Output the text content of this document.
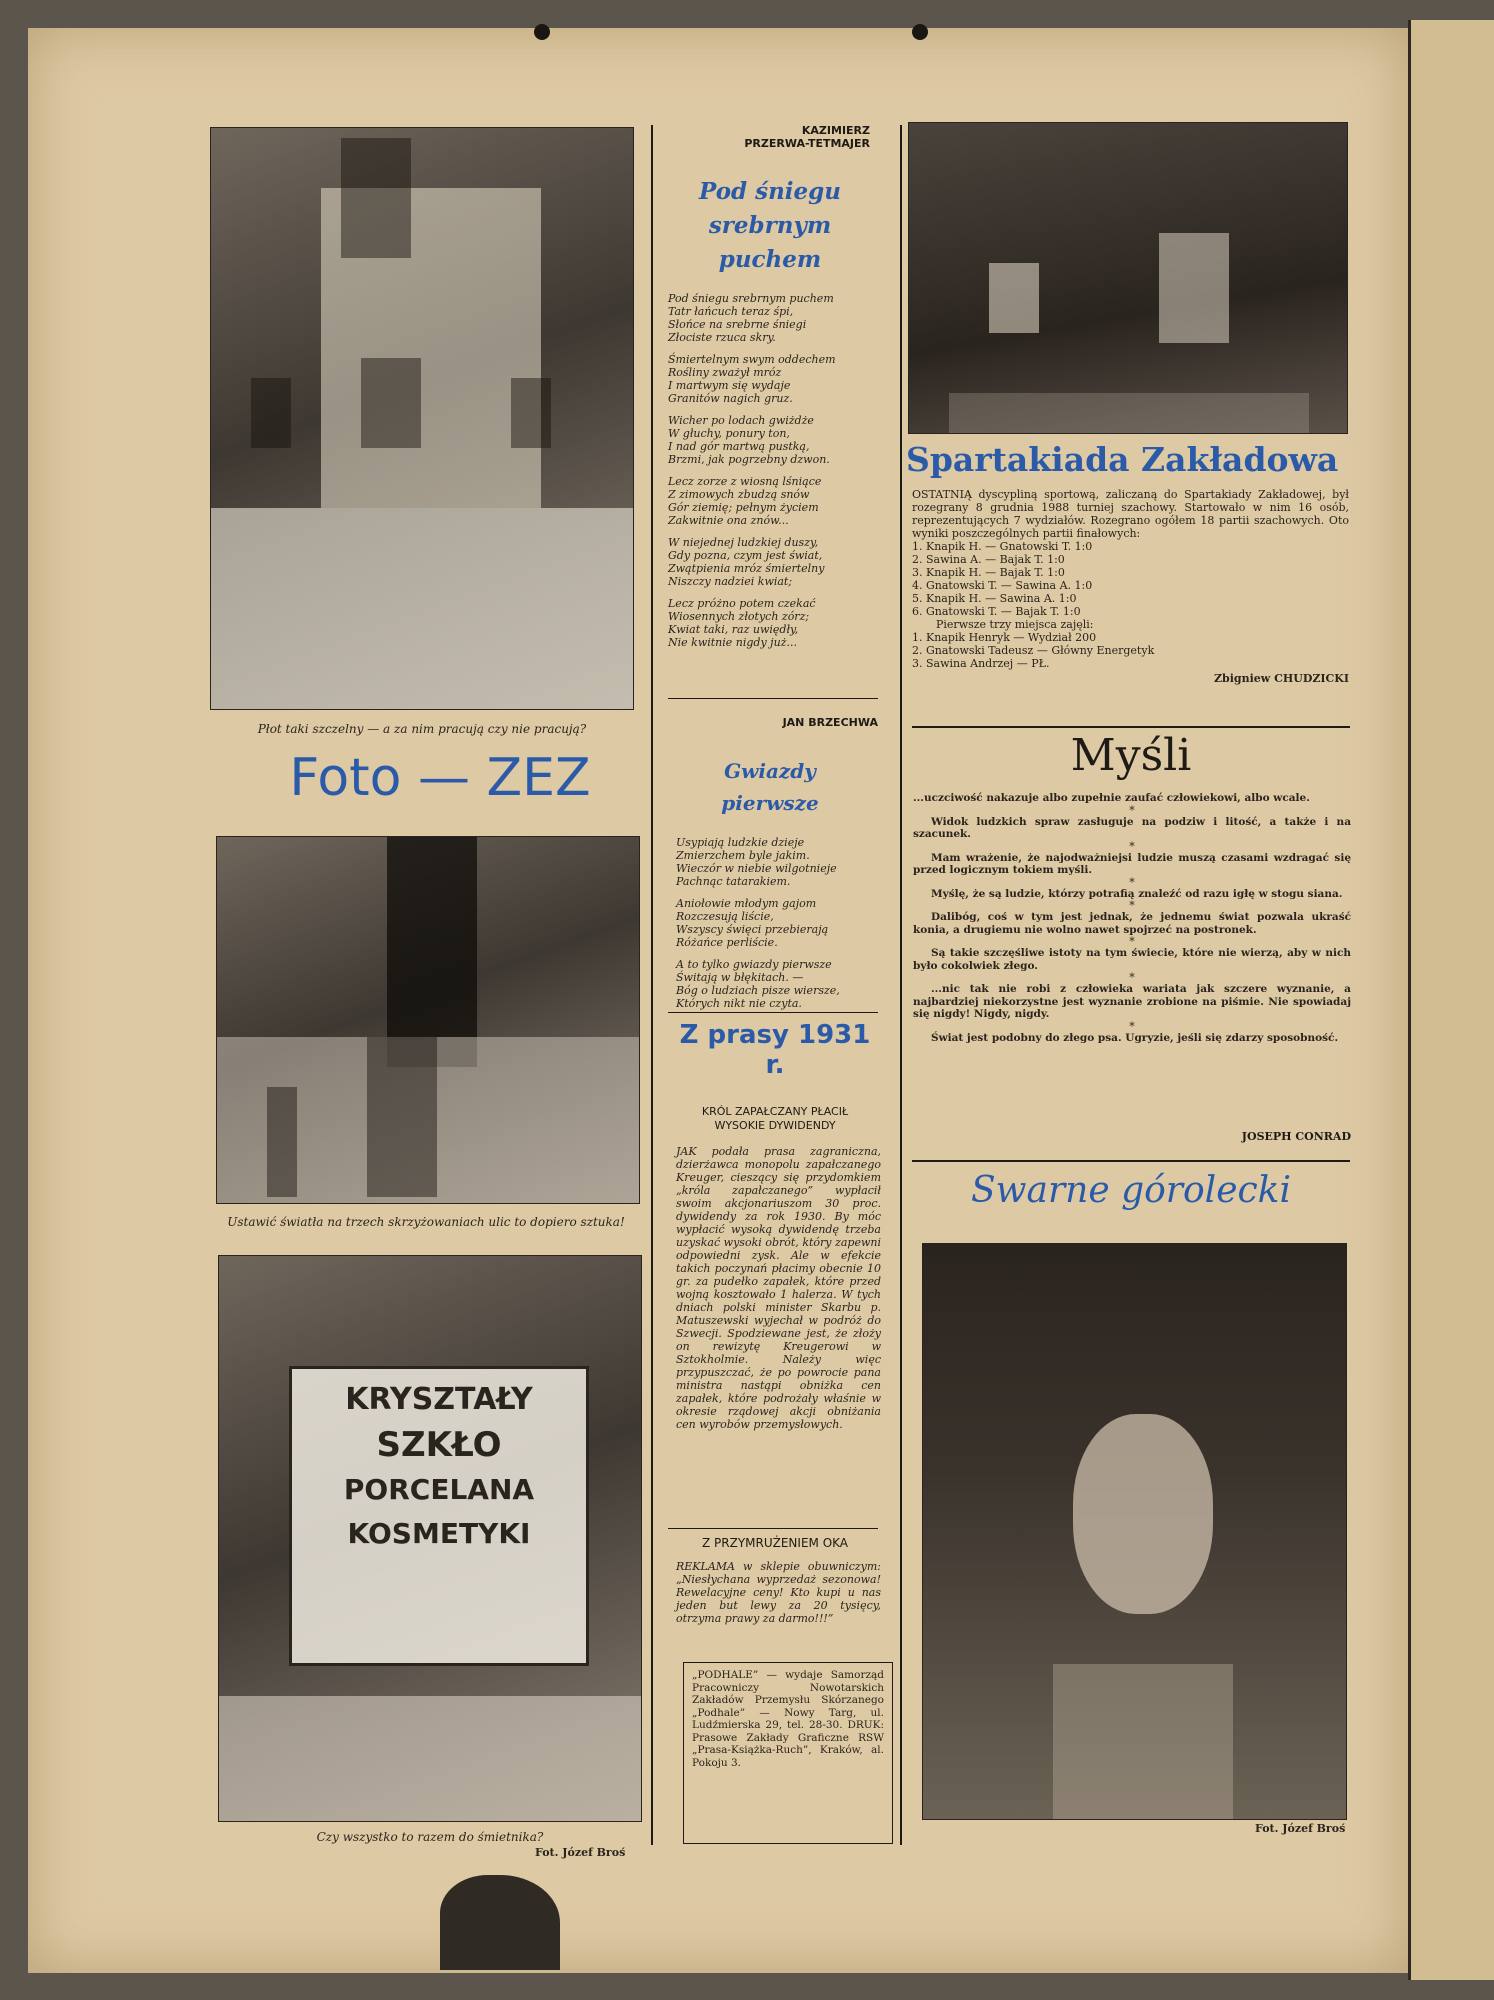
Płot taki szczelny — a za nim pracują czy nie pracują?
Foto — ZEZ
Ustawić światła na trzech skrzyżowaniach ulic to dopiero sztuka!
KRYSZTAŁY
SZKŁO
PORCELANA
KOSMETYKI
Czy wszystko to razem do śmietnika?
Fot. Józef Broś
KAZIMIERZ
PRZERWA-TETMAJER
Pod śniegu
srebrnym
puchem
Pod śniegu srebrnym puchem
Tatr łańcuch teraz śpi,
Słońce na srebrne śniegi
Złociste rzuca skry.
Śmiertelnym swym oddechem
Rośliny zważył mróz
I martwym się wydaje
Granitów nagich gruz.
Wicher po lodach gwiżdże
W głuchy, ponury ton,
I nad gór martwą pustką,
Brzmi, jak pogrzebny dzwon.
Lecz zorze z wiosną lśniące
Z zimowych zbudzą snów
Gór ziemię; pełnym życiem
Zakwitnie ona znów...
W niejednej ludzkiej duszy,
Gdy pozna, czym jest świat,
Zwątpienia mróz śmiertelny
Niszczy nadziei kwiat;
Lecz próżno potem czekać
Wiosennych złotych zórz;
Kwiat taki, raz uwiędły,
Nie kwitnie nigdy już...
JAN BRZECHWA
Gwiazdy
pierwsze
Usypiają ludzkie dzieje
Zmierzchem byle jakim.
Wieczór w niebie wilgotnieje
Pachnąc tatarakiem.
Aniołowie młodym gajom
Rozczesują liście,
Wszyscy święci przebierają
Różańce perliście.
A to tylko gwiazdy pierwsze
Świtają w błękitach. —
Bóg o ludziach pisze wiersze,
Których nikt nie czyta.
Z prasy 1931 r.
KRÓL ZAPAŁCZANY PŁACIŁ
WYSOKIE DYWIDENDY
JAK podała prasa zagraniczna, dzierżawca monopolu zapałczanego Kreuger, cieszący się przydomkiem „króla zapałczanego” wypłacił swoim akcjonariuszom 30 proc. dywidendy za rok 1930. By móc wypłacić wysoką dywidendę trzeba uzyskać wysoki obrót, który zapewni odpowiedni zysk. Ale w efekcie takich poczynań płacimy obecnie 10 gr. za pudełko zapałek, które przed wojną kosztowało 1 halerza. W tych dniach polski minister Skarbu p. Matuszewski wyjechał w podróż do Szwecji. Spodziewane jest, że złoży on rewizytę Kreugerowi w Sztokholmie. Należy więc przypuszczać, że po powrocie pana ministra nastąpi obniżka cen zapałek, które podrożały właśnie w okresie rządowej akcji obniżania cen wyrobów przemysłowych.
Z PRZYMRUŻENIEM OKA
REKLAMA w sklepie obuwniczym: „Niesłychana wyprzedaż sezonowa! Rewelacyjne ceny! Kto kupi u nas jeden but lewy za 20 tysięcy, otrzyma prawy za darmo!!!”
„PODHALE” — wydaje Samorząd Pracowniczy Nowotarskich Zakładów Przemysłu Skórzanego „Podhale” — Nowy Targ, ul. Ludźmierska 29, tel. 28-30. DRUK: Prasowe Zakłady Graficzne RSW „Prasa-Książka-Ruch”, Kraków, al. Pokoju 3.
Spartakiada Zakładowa
OSTATNIĄ dyscypliną sportową, zaliczaną do Spartakiady Zakładowej, był rozegrany 8 grudnia 1988 turniej szachowy. Startowało w nim 16 osób, reprezentujących 7 wydziałów. Rozegrano ogółem 18 partii szachowych. Oto wyniki poszczególnych partii finałowych:
1. Knapik H. — Gnatowski T. 1:0
2. Sawina A. — Bajak T. 1:0
3. Knapik H. — Bajak T. 1:0
4. Gnatowski T. — Sawina A. 1:0
5. Knapik H. — Sawina A. 1:0
6. Gnatowski T. — Bajak T. 1:0
Pierwsze trzy miejsca zajęli:
1. Knapik Henryk — Wydział 200
2. Gnatowski Tadeusz — Główny Energetyk
3. Sawina Andrzej — PŁ.
Zbigniew CHUDZICKI
Myśli
...uczciwość nakazuje albo zupełnie zaufać człowiekowi, albo wcale.
*
Widok ludzkich spraw zasługuje na podziw i litość, a także i na szacunek.
*
Mam wrażenie, że najodważniejsi ludzie muszą czasami wzdragać się przed logicznym tokiem myśli.
*
Myślę, że są ludzie, którzy potrafią znaleźć od razu igłę w stogu siana.
*
Dalibóg, coś w tym jest jednak, że jednemu świat pozwala ukraść konia, a drugiemu nie wolno nawet spojrzeć na postronek.
*
Są takie szczęśliwe istoty na tym świecie, które nie wierzą, aby w nich było cokolwiek złego.
*
...nic tak nie robi z człowieka wariata jak szczere wyznanie, a najbardziej niekorzystne jest wyznanie zrobione na piśmie. Nie spowiadaj się nigdy! Nigdy, nigdy.
*
Świat jest podobny do złego psa. Ugryzie, jeśli się zdarzy sposobność.
JOSEPH CONRAD
Swarne górolecki
Fot. Józef Broś
